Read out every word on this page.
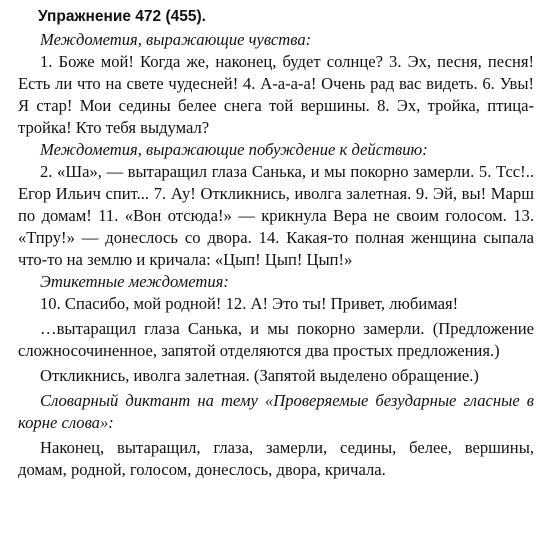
Упражнение 472 (455).
Междометия, выражающие чувства:

1. Боже мой! Когда же, наконец, будет солнце? 3. Эх, песня, песня! Есть ли что на свете чудесней! 4. А-а-а-а! Очень рад вас видеть. 6. Увы! Я стар! Мои седины белее снега той вершины. 8. Эх, тройка, птица-тройка! Кто тебя выдумал?

Междометия, выражающие побуждение к действию:

2. «Ша», — вытаращил глаза Санька, и мы покорно замерли. 5. Тсс!.. Егор Ильич спит... 7. Ау! Откликнись, иволга залетная. 9. Эй, вы! Марш по домам! 11. «Вон отсюда!» — крикнула Вера не своим голосом. 13. «Тпру!» — донеслось со двора. 14. Какая-то полная женщина сыпала что-то на землю и кричала: «Цып! Цып! Цып!»

Этикетные междометия:

10. Спасибо, мой родной! 12. А! Это ты! Привет, любимая!

…вытаращил глаза Санька, и мы покорно замерли. (Предложение сложносочиненное, запятой отделяются два простых предложения.)

Откликнись, иволга залетная. (Запятой выделено обращение.)

Словарный диктант на тему «Проверяемые безударные гласные в корне слова»:

Наконец, вытаращил, глаза, замерли, седины, белее, вершины, домам, родной, голосом, донеслось, двора, кричала.
